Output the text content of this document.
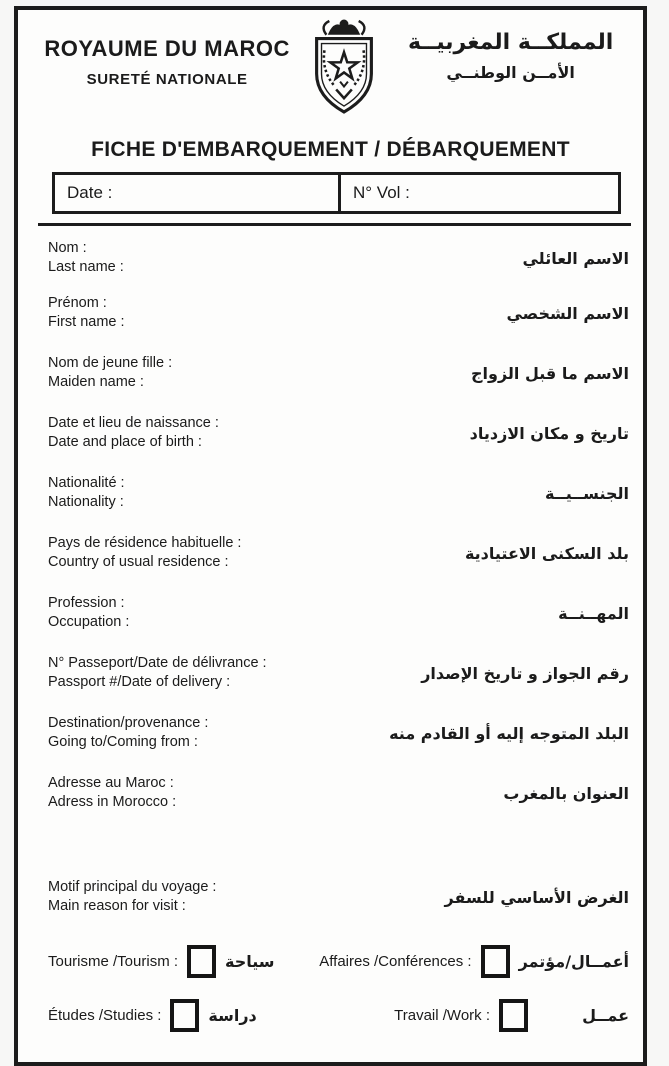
ROYAUME DU MAROC
SURETÉ NATIONALE
المملكــة المغربيــة
الأمــن الوطنــي
FICHE D'EMBARQUEMENT / DÉBARQUEMENT
Date :	N° Vol :
Nom :
Last name :	الاسم العائلي
Prénom :
First name :	الاسم الشخصي
Nom de jeune fille :
Maiden name :	الاسم ما قبل الزواج
Date et lieu de naissance :
Date and place of birth :	تاريخ و مكان الازدياد
Nationalité :
Nationality :	الجنســيــة
Pays de résidence habituelle :
Country of usual residence :	بلد السكنى الاعتيادية
Profession :
Occupation :	المهــنــة
N° Passeport/Date de délivrance :
Passport #/Date of delivery :	رقم الجواز و تاريخ الإصدار
Destination/provenance :
Going to/Coming from :	البلد المتوجه إليه أو القادم منه
Adresse au Maroc :
Adress in Morocco :	العنوان بالمغرب
Motif principal du voyage :
Main reason for visit :	الغرض الأساسي للسفر
Tourisme /Tourism :	سياحة	Affaires /Conférences :	أعمــال/مؤتمر
Études /Studies :	دراسة	Travail /Work :	عمــل
